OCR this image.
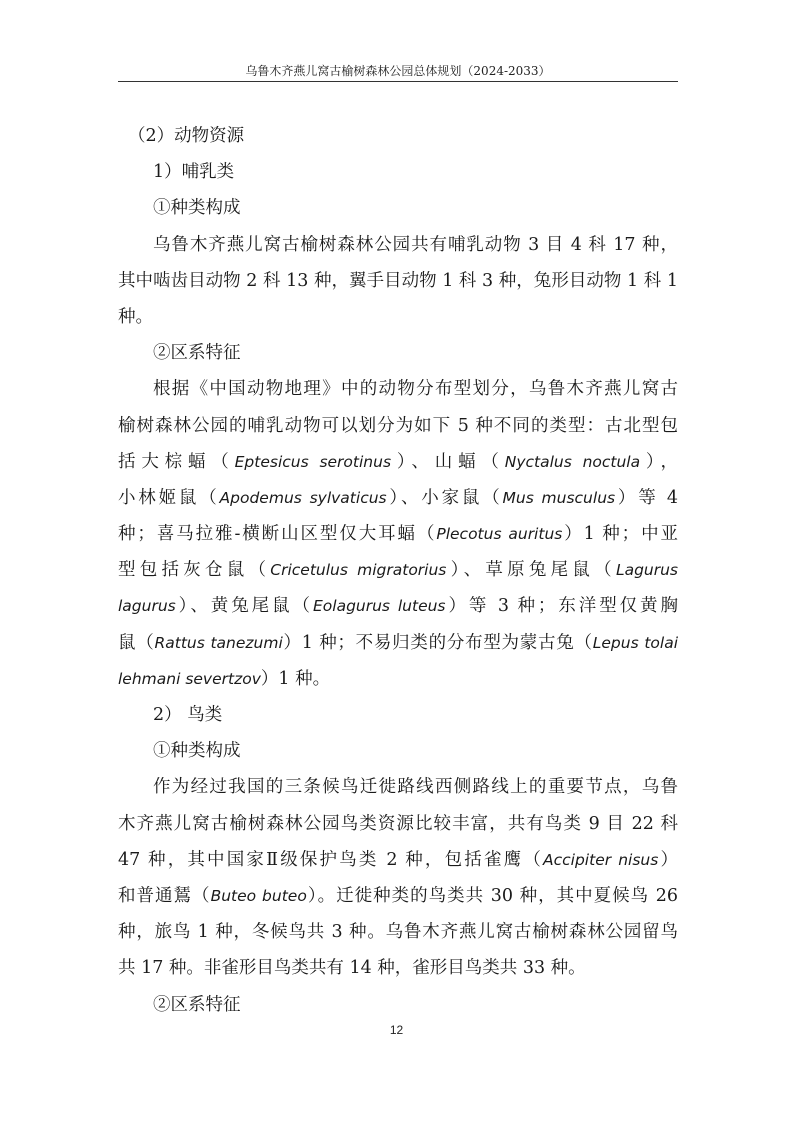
乌鲁木齐燕儿窝古榆树森林公园总体规划（2024-2033）
（2）动物资源
1）哺乳类
①种类构成
乌鲁木齐燕儿窝古榆树森林公园共有哺乳动物 3 目 4 科 17 种，
其中啮齿目动物 2 科 13 种，翼手目动物 1 科 3 种，兔形目动物 1 科 1
种。
②区系特征
根据《中国动物地理》中的动物分布型划分，乌鲁木齐燕儿窝古
榆树森林公园的哺乳动物可以划分为如下 5 种不同的类型：古北型包
括大棕蝠（Eptesicus serotinus）、山蝠（Nyctalus noctula），
小林姬鼠（Apodemus sylvaticus）、小家鼠（Mus musculus）等 4
种；喜马拉雅-横断山区型仅大耳蝠（Plecotus auritus）1 种；中亚
型包括灰仓鼠（Cricetulus migratorius）、草原兔尾鼠（Lagurus
lagurus）、黄兔尾鼠（Eolagurus luteus）等 3 种；东洋型仅黄胸
鼠（Rattus tanezumi）1 种；不易归类的分布型为蒙古兔（Lepus tolai
lehmani severtzov）1 种。
2） 鸟类
①种类构成
作为经过我国的三条候鸟迁徙路线西侧路线上的重要节点，乌鲁
木齐燕儿窝古榆树森林公园鸟类资源比较丰富，共有鸟类 9 目 22 科
47 种，其中国家Ⅱ级保护鸟类 2 种，包括雀鹰（Accipiter nisus）
和普通鵟（Buteo buteo）。迁徙种类的鸟类共 30 种，其中夏候鸟 26
种，旅鸟 1 种，冬候鸟共 3 种。乌鲁木齐燕儿窝古榆树森林公园留鸟
共 17 种。非雀形目鸟类共有 14 种，雀形目鸟类共 33 种。
②区系特征
12
